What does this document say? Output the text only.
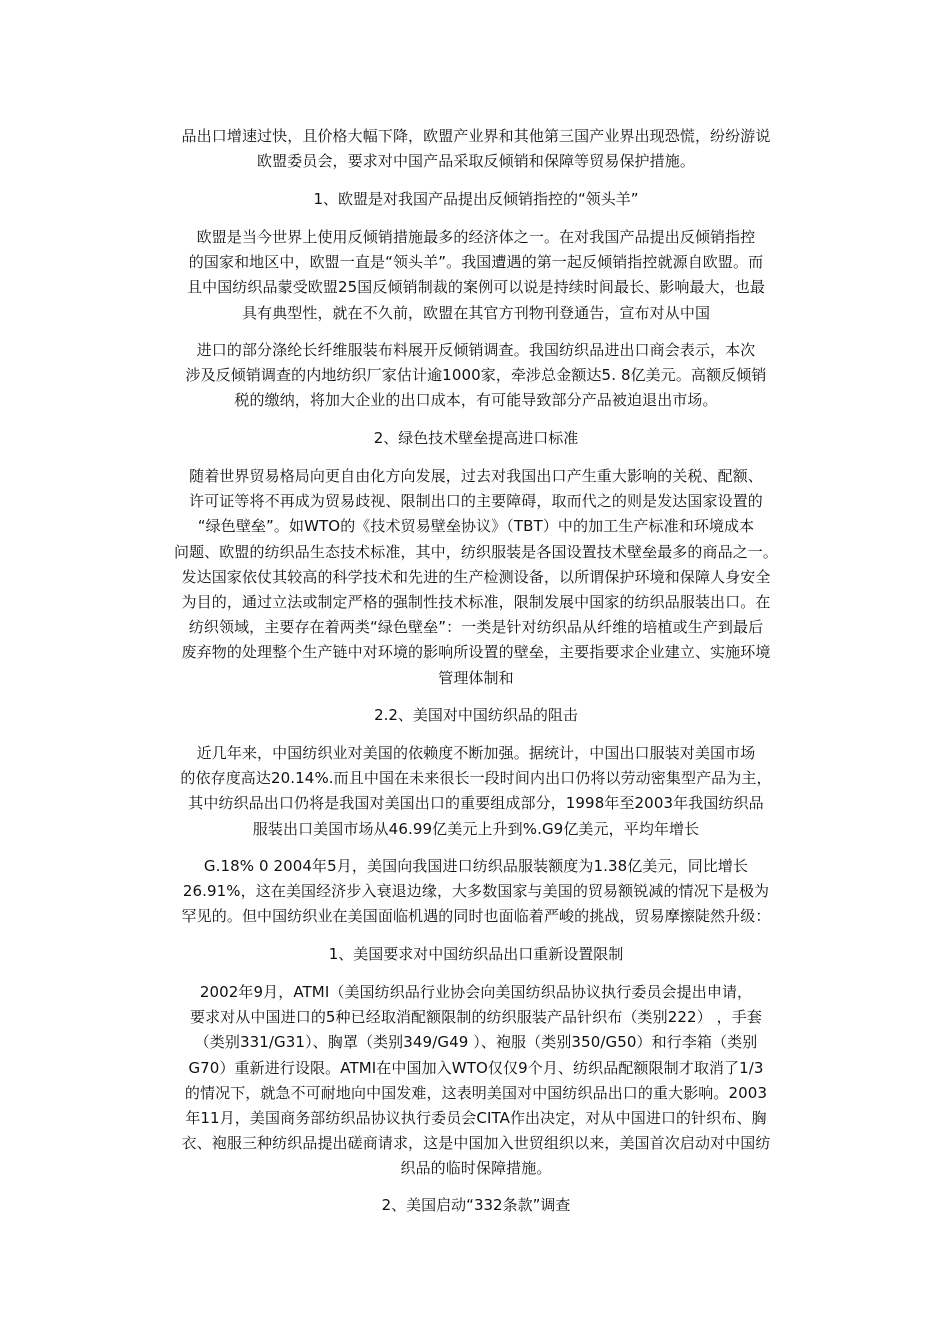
品出口增速过快，且价格大幅下降，欧盟产业界和其他第三国产业界出现恐慌，纷纷游说
欧盟委员会，要求对中国产品采取反倾销和保障等贸易保护措施。

1、欧盟是对我国产品提出反倾销指控的“领头羊”

欧盟是当今世界上使用反倾销措施最多的经济体之一。在对我国产品提出反倾销指控
的国家和地区中，欧盟一直是“领头羊”。我国遭遇的第一起反倾销指控就源自欧盟。而
且中国纺织品蒙受欧盟25国反倾销制裁的案例可以说是持续时间最长、影响最大，也最
具有典型性，就在不久前，欧盟在其官方刊物刊登通告，宣布对从中国

进口的部分涤纶长纤维服装布料展开反倾销调查。我国纺织品进出口商会表示，本次
涉及反倾销调查的内地纺织厂家估计逾1000家，牵涉总金额达5. 8亿美元。高额反倾销
税的缴纳，将加大企业的出口成本，有可能导致部分产品被迫退出市场。

2、绿色技术壁垒提高进口标准

随着世界贸易格局向更自由化方向发展，过去对我国出口产生重大影响的关税、配额、
许可证等将不再成为贸易歧视、限制出口的主要障碍，取而代之的则是发达国家设置的
“绿色壁垒”。如WTO的《技术贸易壁垒协议》（TBT）中的加工生产标准和环境成本
问题、欧盟的纺织品生态技术标准，其中，纺织服装是各国设置技术壁垒最多的商品之一。
发达国家依仗其较高的科学技术和先进的生产检测设备，以所谓保护环境和保障人身安全
为目的，通过立法或制定严格的强制性技术标准，限制发展中国家的纺织品服装出口。在
纺织领域，主要存在着两类“绿色壁垒”：一类是针对纺织品从纤维的培植或生产到最后
废弃物的处理整个生产链中对环境的影响所设置的壁垒，主要指要求企业建立、实施环境
管理体制和

2.2、美国对中国纺织品的阻击

近几年来，中国纺织业对美国的依赖度不断加强。据统计，中国出口服装对美国市场
的依存度高达20.14%.而且中国在未来很长一段时间内出口仍将以劳动密集型产品为主，
其中纺织品出口仍将是我国对美国出口的重要组成部分，1998年至2003年我国纺织品
服装出口美国市场从46.99亿美元上升到%.G9亿美元，平均年增长

G.18% 0 2004年5月，美国向我国进口纺织品服装额度为1.38亿美元，同比增长
26.91%，这在美国经济步入衰退边缘，大多数国家与美国的贸易额锐减的情况下是极为
罕见的。但中国纺织业在美国面临机遇的同时也面临着严峻的挑战，贸易摩擦陡然升级：

1、美国要求对中国纺织品出口重新设置限制

2002年9月，ATMI（美国纺织品行业协会向美国纺织品协议执行委员会提出申请，
要求对从中国进口的5种已经取消配额限制的纺织服装产品针织布（类别222） ，手套
（类别331/G31）、胸罩（类别349/G49 ）、袍服（类别350/G50）和行李箱（类别
G70）重新进行设限。ATMI在中国加入WTO仅仅9个月、纺织品配额限制才取消了1/3
的情况下，就急不可耐地向中国发难，这表明美国对中国纺织品出口的重大影响。2003
年11月，美国商务部纺织品协议执行委员会CITA作出决定，对从中国进口的针织布、胸
衣、袍服三种纺织品提出磋商请求，这是中国加入世贸组织以来，美国首次启动对中国纺
织品的临时保障措施。

2、美国启动“332条款”调查
